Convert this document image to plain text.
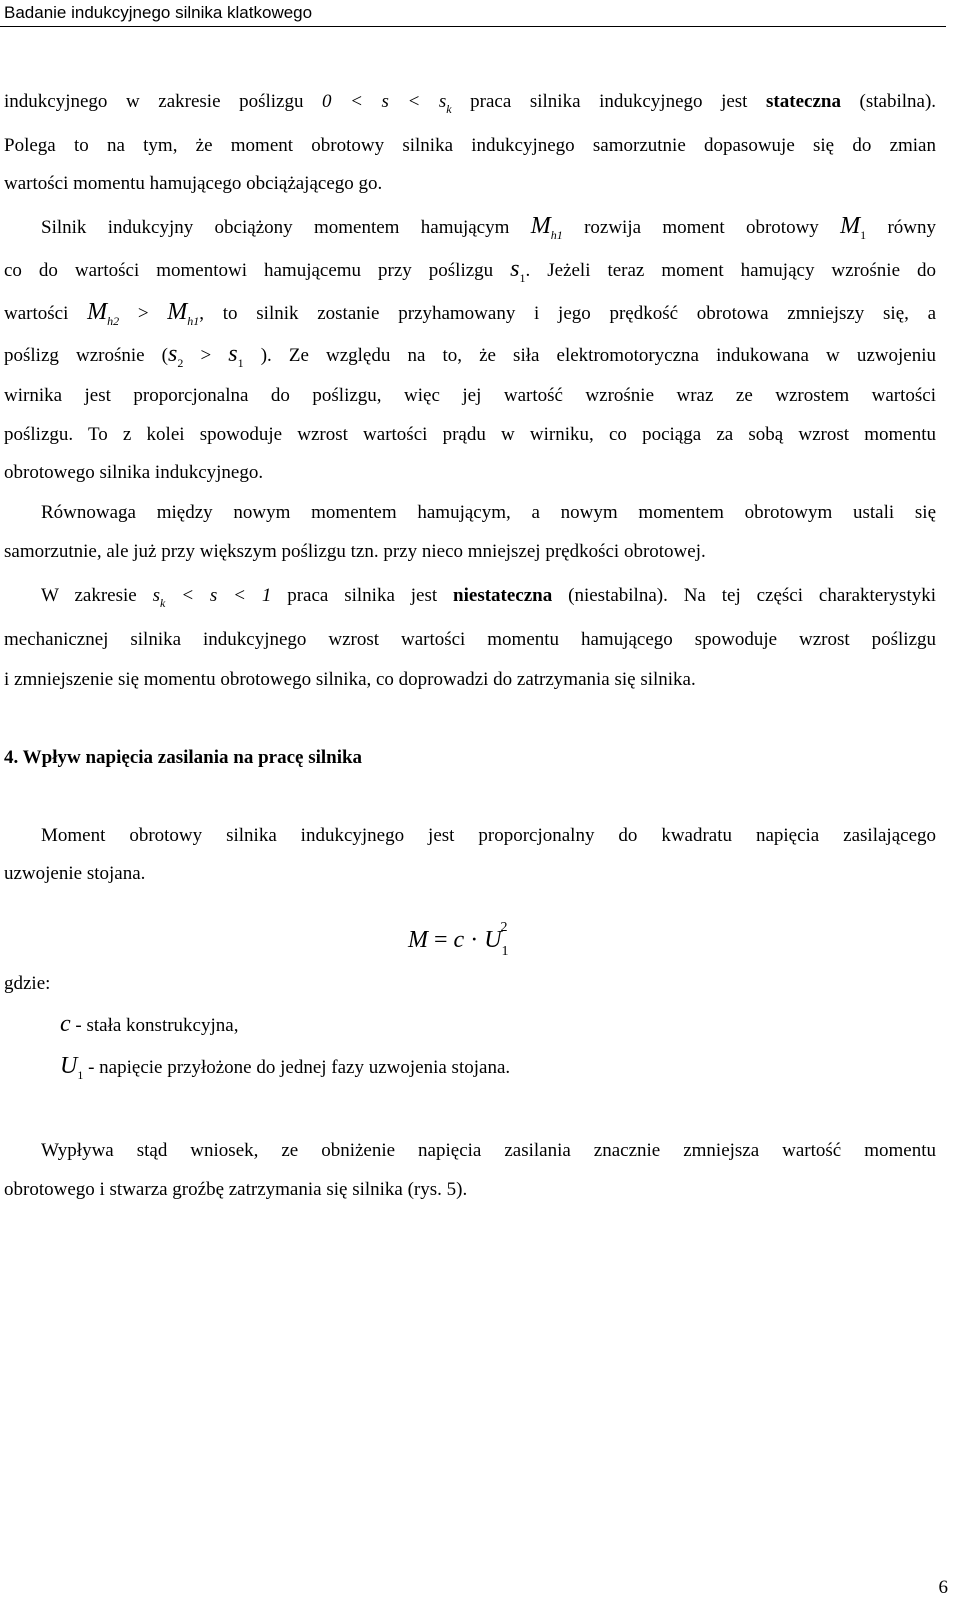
Badanie indukcyjnego silnika klatkowego
indukcyjnego w zakresie poślizgu $0 < s < s_k$ praca silnika indukcyjnego jest stateczna (stabilna).
Polega to na tym, że moment obrotowy silnika indukcyjnego samorzutnie dopasowuje się do zmian
wartości momentu hamującego obciążającego go.
Silnik indukcyjny obciążony momentem hamującym $M_{h1}$ rozwija moment obrotowy $M_1$ równy
co do wartości momentowi hamującemu przy poślizgu $s_1$. Jeżeli teraz moment hamujący wzrośnie do
wartości $M_{h2} > M_{h1}$, to silnik zostanie przyhamowany i jego prędkość obrotowa zmniejszy się, a
poślizg wzrośnie ($s_2 > s_1$ ). Ze względu na to, że siła elektromotoryczna indukowana w uzwojeniu
wirnika jest proporcjonalna do poślizgu, więc jej wartość wzrośnie wraz ze wzrostem wartości
poślizgu. To z kolei spowoduje wzrost wartości prądu w wirniku, co pociąga za sobą wzrost momentu
obrotowego silnika indukcyjnego.
Równowaga między nowym momentem hamującym, a nowym momentem obrotowym ustali się
samorzutnie, ale już przy większym poślizgu tzn. przy nieco mniejszej prędkości obrotowej.
W zakresie $s_k < s < 1$ praca silnika jest niestateczna (niestabilna). Na tej części charakterystyki
mechanicznej silnika indukcyjnego wzrost wartości momentu hamującego spowoduje wzrost poślizgu
i zmniejszenie się momentu obrotowego silnika, co doprowadzi do zatrzymania się silnika.
4. Wpływ napięcia zasilania na pracę silnika
Moment obrotowy silnika indukcyjnego jest proporcjonalny do kwadratu napięcia zasilającego
uzwojenie stojana.
$M = c \cdot U_1^2$
gdzie:
c - stała konstrukcyjna,
$U_1$ - napięcie przyłożone do jednej fazy uzwojenia stojana.
Wypływa stąd wniosek, ze obniżenie napięcia zasilania znacznie zmniejsza wartość momentu
obrotowego i stwarza groźbę zatrzymania się silnika (rys. 5).
6
